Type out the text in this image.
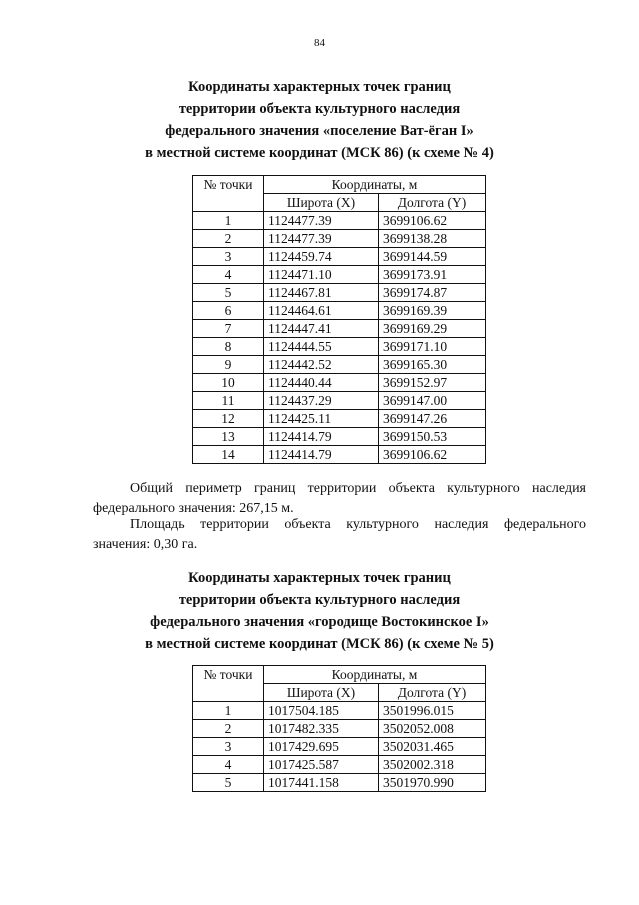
84
Координаты характерных точек границ
территории объекта культурного наследия
федерального значения «поселение Ват-ёган I»
в местной системе координат (МСК 86) (к схеме № 4)
№ точки	Координаты, м	
	Широта (X)	Долгота (Y)
1	1124477.39	3699106.62
2	1124477.39	3699138.28
3	1124459.74	3699144.59
4	1124471.10	3699173.91
5	1124467.81	3699174.87
6	1124464.61	3699169.39
7	1124447.41	3699169.29
8	1124444.55	3699171.10
9	1124442.52	3699165.30
10	1124440.44	3699152.97
11	1124437.29	3699147.00
12	1124425.11	3699147.26
13	1124414.79	3699150.53
14	1124414.79	3699106.62
Общий периметр границ территории объекта культурного наследия
федерального значения: 267,15 м.
Площадь территории объекта культурного наследия федерального
значения: 0,30 га.
Координаты характерных точек границ
территории объекта культурного наследия
федерального значения «городище Востокинское I»
в местной системе координат (МСК 86) (к схеме № 5)
№ точки	Координаты, м	
	Широта (X)	Долгота (Y)
1	1017504.185	3501996.015
2	1017482.335	3502052.008
3	1017429.695	3502031.465
4	1017425.587	3502002.318
5	1017441.158	3501970.990
